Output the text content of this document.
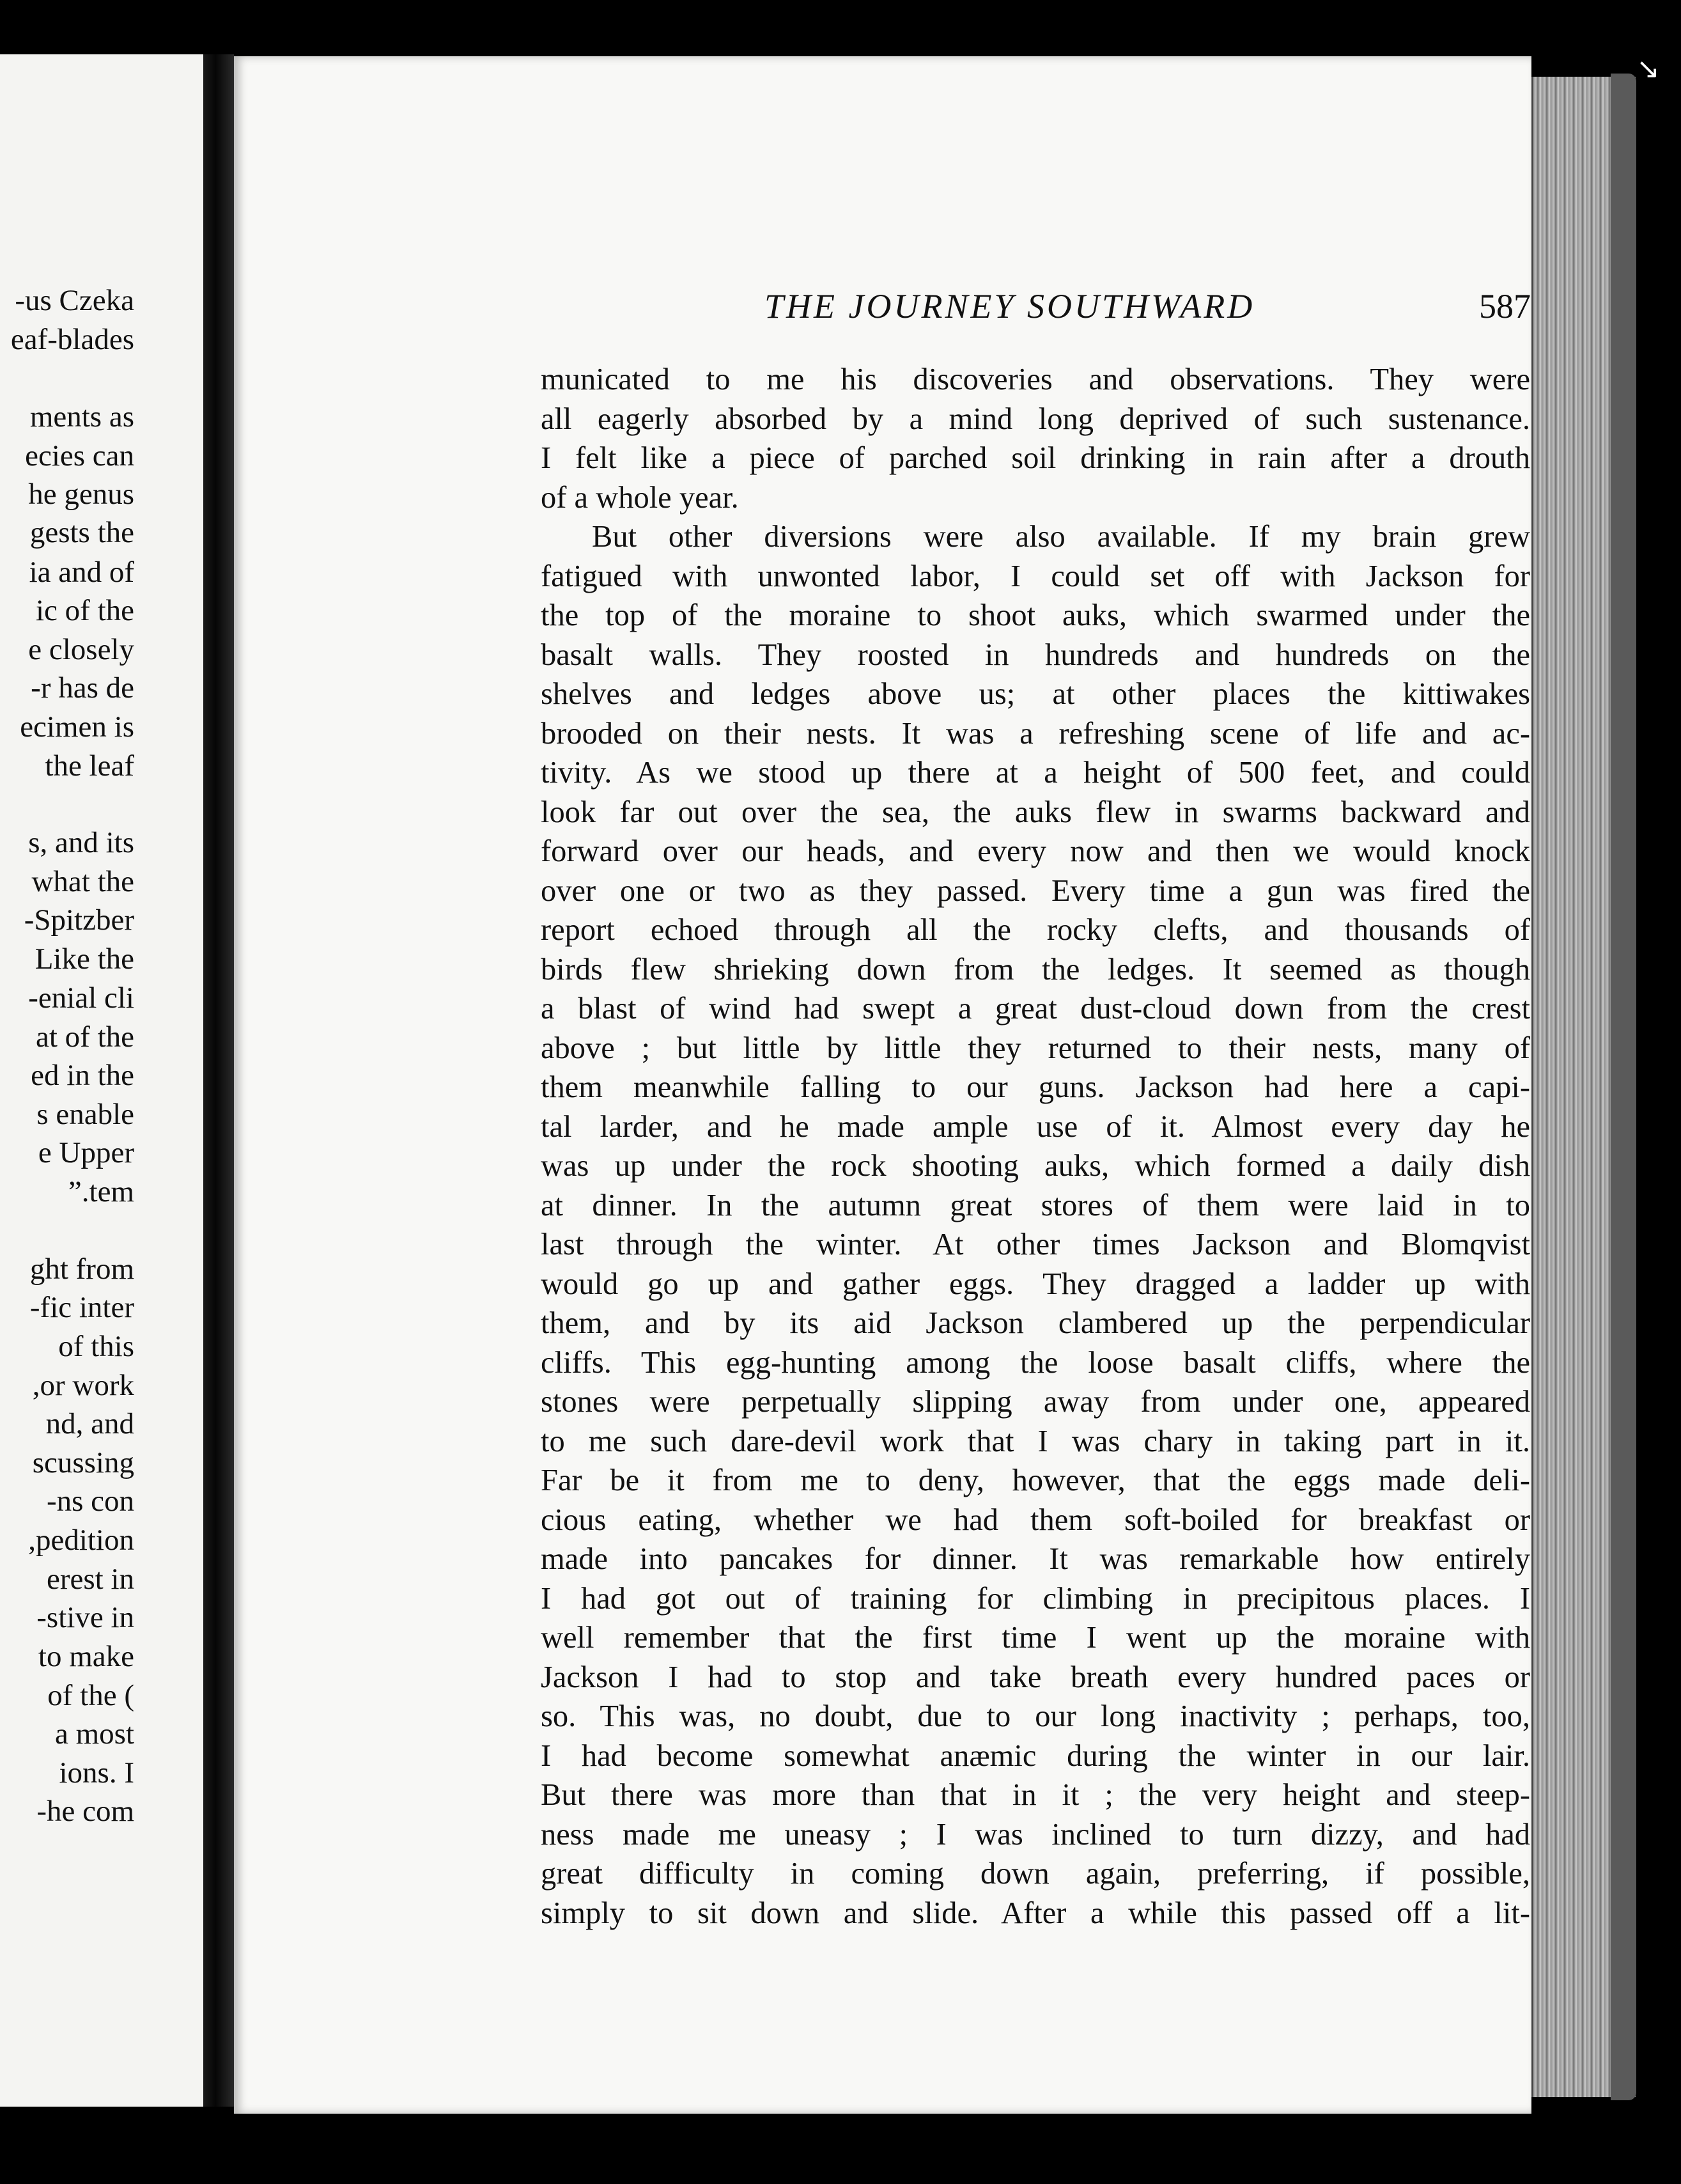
us Czeka-
eaf-blades
ments as
ecies can
he genus
gests the
ia and of
ic of the
e closely
r has de-
ecimen is
the leaf
s, and its
what the
Spitzber-
Like the
enial cli-
at of the
ed in the
s enable
e Upper
tem.”
ght from
fic inter-
of this
or work,
nd, and
scussing
ns con-
pedition,
erest in
stive in-
to make
) of the
a most
ions. I
he com-
THE JOURNEY SOUTHWARD	587
municated to me his discoveries and observations. They were
all eagerly absorbed by a mind long deprived of such sustenance.
I felt like a piece of parched soil drinking in rain after a drouth
of a whole year.
But other diversions were also available. If my brain grew
fatigued with unwonted labor, I could set off with Jackson for
the top of the moraine to shoot auks, which swarmed under the
basalt walls. They roosted in hundreds and hundreds on the
shelves and ledges above us; at other places the kittiwakes
brooded on their nests. It was a refreshing scene of life and ac-
tivity. As we stood up there at a height of 500 feet, and could
look far out over the sea, the auks flew in swarms backward and
forward over our heads, and every now and then we would knock
over one or two as they passed. Every time a gun was fired the
report echoed through all the rocky clefts, and thousands of
birds flew shrieking down from the ledges. It seemed as though
a blast of wind had swept a great dust-cloud down from the crest
above ; but little by little they returned to their nests, many of
them meanwhile falling to our guns. Jackson had here a capi-
tal larder, and he made ample use of it. Almost every day he
was up under the rock shooting auks, which formed a daily dish
at dinner. In the autumn great stores of them were laid in to
last through the winter. At other times Jackson and Blomqvist
would go up and gather eggs. They dragged a ladder up with
them, and by its aid Jackson clambered up the perpendicular
cliffs. This egg-hunting among the loose basalt cliffs, where the
stones were perpetually slipping away from under one, appeared
to me such dare-devil work that I was chary in taking part in it.
Far be it from me to deny, however, that the eggs made deli-
cious eating, whether we had them soft-boiled for breakfast or
made into pancakes for dinner. It was remarkable how entirely
I had got out of training for climbing in precipitous places. I
well remember that the first time I went up the moraine with
Jackson I had to stop and take breath every hundred paces or
so. This was, no doubt, due to our long inactivity ; perhaps, too,
I had become somewhat anæmic during the winter in our lair.
But there was more than that in it ; the very height and steep-
ness made me uneasy ; I was inclined to turn dizzy, and had
great difficulty in coming down again, preferring, if possible,
simply to sit down and slide. After a while this passed off a lit-
↘
